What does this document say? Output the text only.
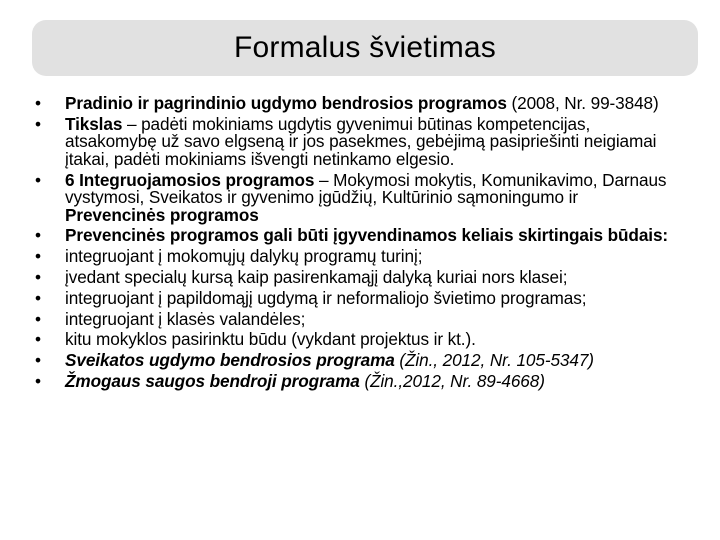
Formalus švietimas
• Pradinio ir pagrindinio ugdymo bendrosios programos (2008, Nr. 99-3848)
• Tikslas – padėti mokiniams ugdytis gyvenimui būtinas kompetencijas, atsakomybę už savo elgseną ir jos pasekmes, gebėjimą pasipriešinti neigiamai įtakai, padėti mokiniams išvengti netinkamo elgesio.
• 6 Integruojamosios programos – Mokymosi mokytis, Komunikavimo, Darnaus vystymosi, Sveikatos ir gyvenimo įgūdžių, Kultūrinio sąmoningumo ir Prevencinės programos
• Prevencinės programos gali būti įgyvendinamos keliais skirtingais būdais:
• integruojant į mokomųjų dalykų programų turinį;
• įvedant specialų kursą kaip pasirenkamąjį dalyką kuriai nors klasei;
• integruojant į papildomąjį ugdymą ir neformaliojo švietimo programas;
• integruojant į klasės valandėles;
• kitu mokyklos pasirinktu būdu (vykdant projektus ir kt.).
• Sveikatos ugdymo bendrosios programa (Žin., 2012, Nr. 105-5347)
• Žmogaus saugos bendroji programa (Žin.,2012, Nr. 89-4668)
